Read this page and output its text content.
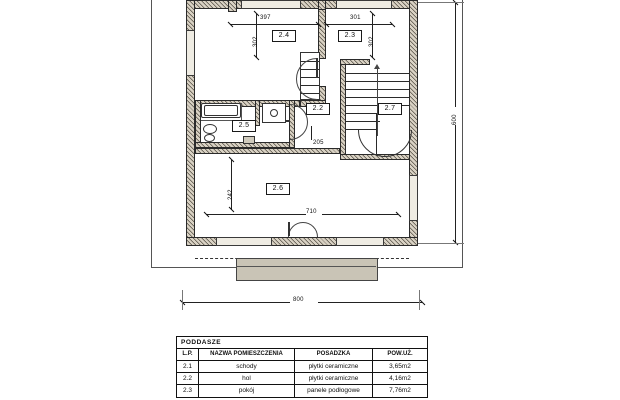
2.4	2.3
2.2	2.7
2.5
2.6
397	301
302	302
600
205
710
242
800
PODDASZE
L.P.	NAZWA POMIESZCZENIA	POSADZKA	POW.UŻ.
2.1	schody	płytki ceramiczne	3,65m2
2.2	hol	płytki ceramiczne	4,16m2
2.3	pokój	panele podłogowe	7,76m2
